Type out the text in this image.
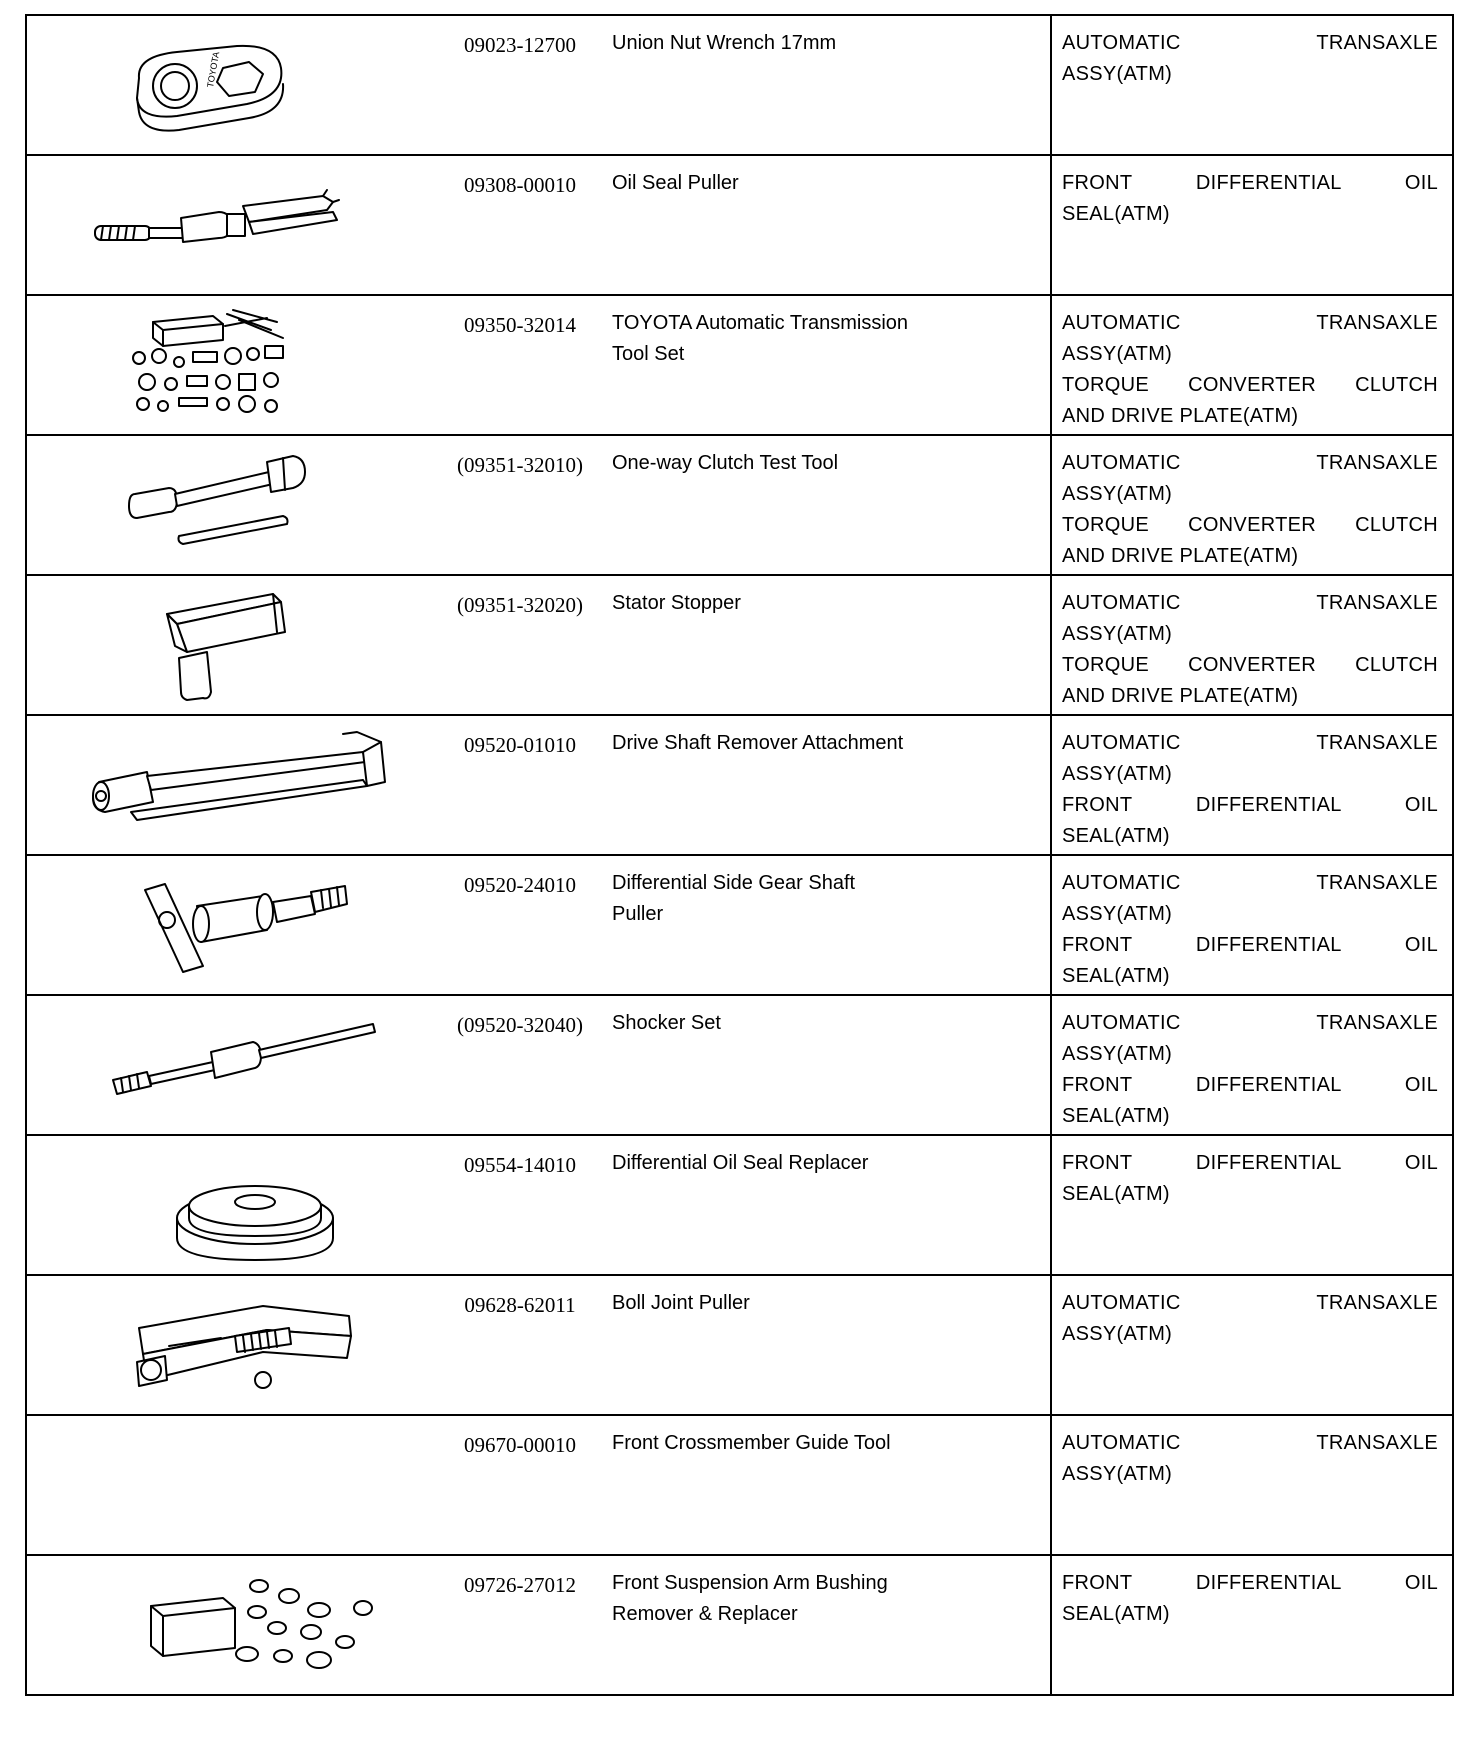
TOYOTA	09023-12700	Union Nut Wrench 17mm	AUTOMATIC TRANSAXLE
ASSY(ATM)

09308-00010	Oil Seal Puller	FRONT DIFFERENTIAL OIL
SEAL(ATM)

09350-32014	TOYOTA Automatic Transmission
Tool Set	AUTOMATIC TRANSAXLE
ASSY(ATM)
TORQUE CONVERTER CLUTCH
AND DRIVE PLATE(ATM)

(09351-32010)	One-way Clutch Test Tool	AUTOMATIC TRANSAXLE
ASSY(ATM)
TORQUE CONVERTER CLUTCH
AND DRIVE PLATE(ATM)

(09351-32020)	Stator Stopper	AUTOMATIC TRANSAXLE
ASSY(ATM)
TORQUE CONVERTER CLUTCH
AND DRIVE PLATE(ATM)

09520-01010	Drive Shaft Remover Attachment	AUTOMATIC TRANSAXLE
ASSY(ATM)
FRONT DIFFERENTIAL OIL
SEAL(ATM)

09520-24010	Differential Side Gear Shaft
Puller	AUTOMATIC TRANSAXLE
ASSY(ATM)
FRONT DIFFERENTIAL OIL
SEAL(ATM)

(09520-32040)	Shocker Set	AUTOMATIC TRANSAXLE
ASSY(ATM)
FRONT DIFFERENTIAL OIL
SEAL(ATM)

09554-14010	Differential Oil Seal Replacer	FRONT DIFFERENTIAL OIL
SEAL(ATM)

09628-62011	Boll Joint Puller	AUTOMATIC TRANSAXLE
ASSY(ATM)

	09670-00010	Front Crossmember Guide Tool	AUTOMATIC TRANSAXLE
ASSY(ATM)

09726-27012	Front Suspension Arm Bushing
Remover & Replacer	FRONT DIFFERENTIAL OIL
SEAL(ATM)
